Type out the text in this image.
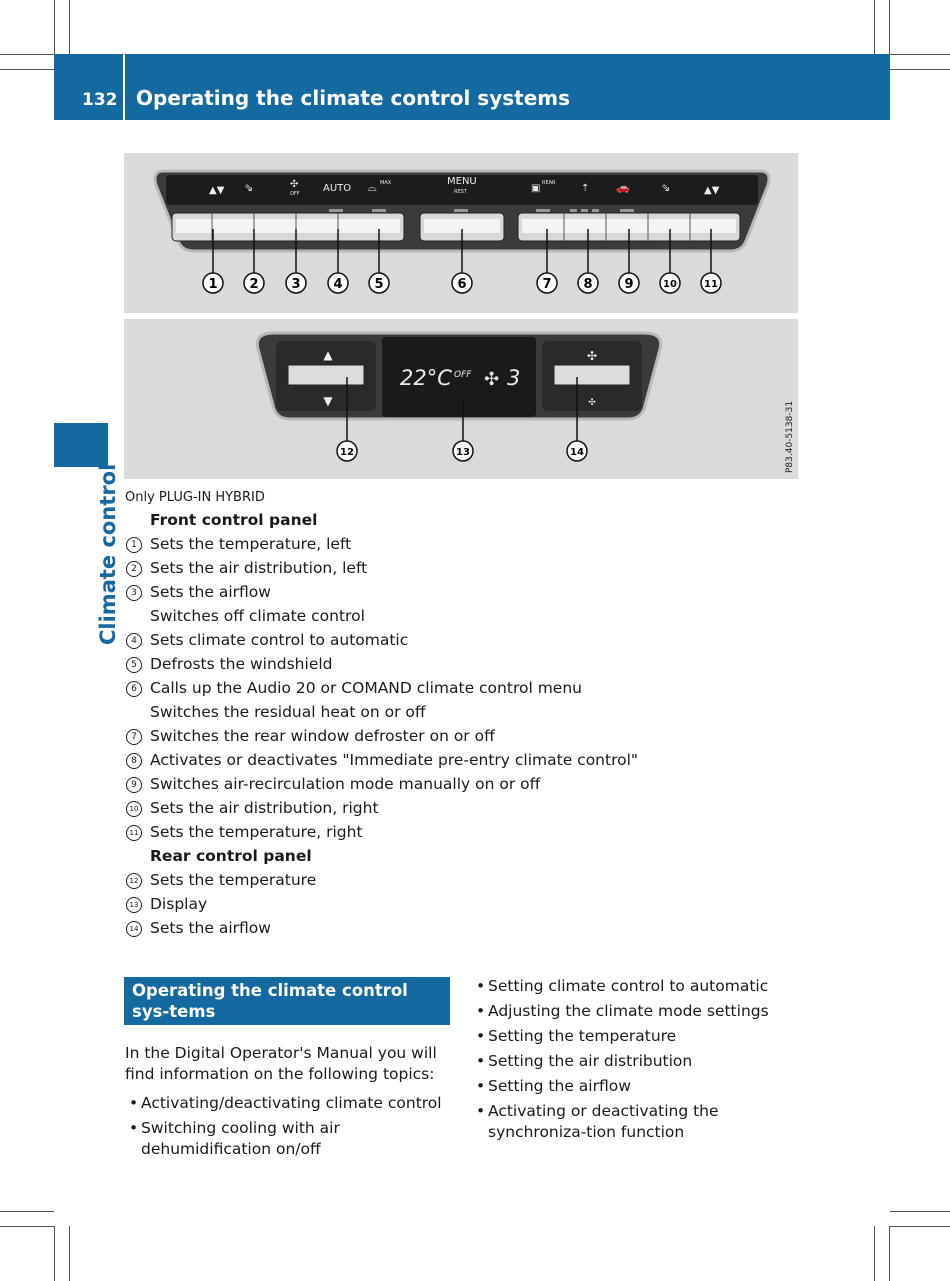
132 Operating the climate control systems
Climate control
▲▼ ⇘	✣
OFF AUTO ⌓ MAX	MENU
REST	▣ REAR	⇡ 🚗	⇘	▲▼
1 2	3	4 5	6	7 8 9	10	11
▲
▼
22°C OFF ✣ 3
✣
✣
12	13	14	P83.40-5138-31
Only PLUG-IN HYBRID
Front control panel
1 Sets the temperature, left
2 Sets the air distribution, left
3 Sets the airflow
Switches off climate control
4 Sets climate control to automatic
5 Defrosts the windshield
6 Calls up the Audio 20 or COMAND climate control menu
Switches the residual heat on or off
7 Switches the rear window defroster on or off
8 Activates or deactivates "Immediate pre-entry climate control"
9 Switches air-recirculation mode manually on or off
10 Sets the air distribution, right
11 Sets the temperature, right
Rear control panel
12 Sets the temperature
13 Display
14 Sets the airflow
Operating the climate control sys-tems
In the Digital Operator's Manual you will find information on the following topics:
• Activating/deactivating climate control
• Switching cooling with air dehumidification on/off
• Setting climate control to automatic
• Adjusting the climate mode settings
• Setting the temperature
• Setting the air distribution
• Setting the airflow
• Activating or deactivating the synchroniza-tion function
